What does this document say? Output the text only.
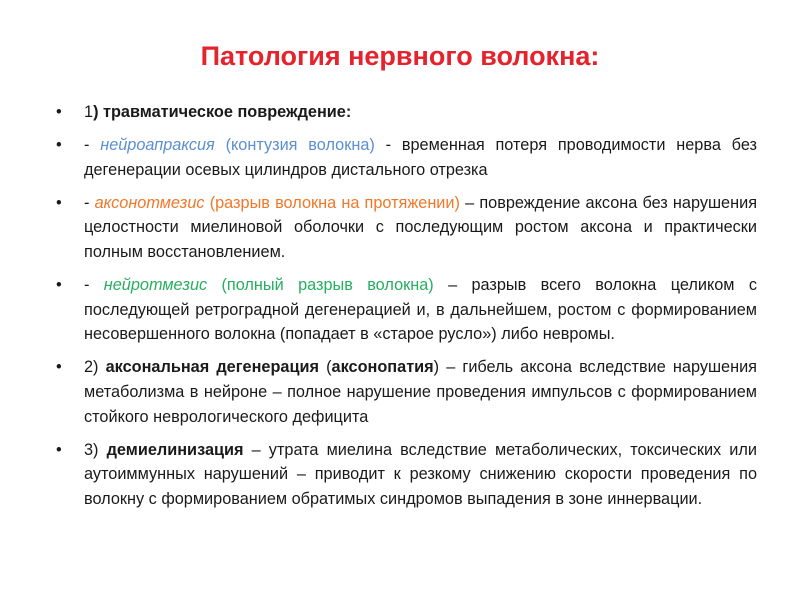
Патология нервного волокна:
• 1) травматическое повреждение:
• - нейроапраксия (контузия волокна) - временная потеря проводимости нерва без дегенерации осевых цилиндров дистального отрезка
• - аксонотмезис (разрыв волокна на протяжении) – повреждение аксона без нарушения целостности миелиновой оболочки с последующим ростом аксона и практически полным восстановлением.
• - нейротмезис (полный разрыв волокна) – разрыв всего волокна целиком с последующей ретроградной дегенерацией и, в дальнейшем, ростом с формированием несовершенного волокна (попадает в «старое русло») либо невромы.
• 2) аксональная дегенерация (аксонопатия) – гибель аксона вследствие нарушения метаболизма в нейроне – полное нарушение проведения импульсов с формированием стойкого неврологического дефицита
• 3) демиелинизация – утрата миелина вследствие метаболических, токсических или аутоиммунных нарушений – приводит к резкому снижению скорости проведения по волокну с формированием обратимых синдромов выпадения в зоне иннервации.
